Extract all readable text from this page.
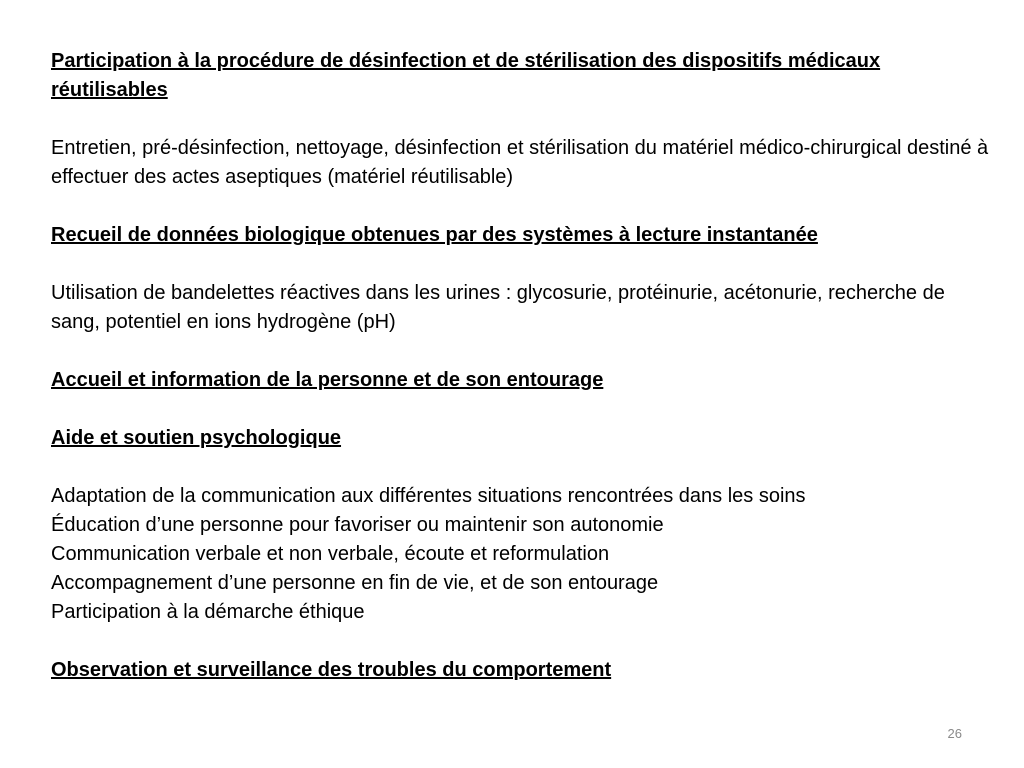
Participation à la procédure de désinfection et de stérilisation des dispositifs médicaux réutilisables

Entretien, pré-désinfection, nettoyage, désinfection et stérilisation du matériel médico-chirurgical destiné à effectuer des actes aseptiques (matériel réutilisable)

Recueil de données biologique obtenues par des systèmes à lecture instantanée

Utilisation de bandelettes réactives dans les urines : glycosurie, protéinurie, acétonurie, recherche de sang, potentiel en ions hydrogène (pH)

Accueil et information de la personne et de son entourage

Aide et soutien psychologique

Adaptation de la communication aux différentes situations rencontrées dans les soins

Éducation d’une personne pour favoriser ou maintenir son autonomie

Communication verbale et non verbale, écoute et reformulation

Accompagnement d’une personne en fin de vie, et de son entourage

Participation à la démarche éthique

Observation et surveillance des troubles du comportement

26
